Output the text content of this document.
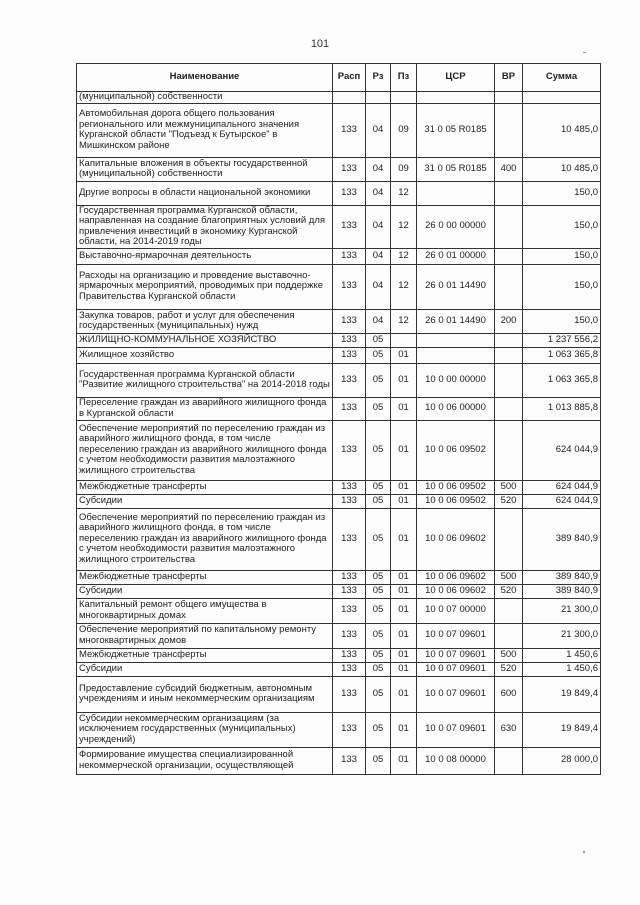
101
Наименование	Расп	Рз	Пз	ЦСР	ВР	Сумма
(муниципальной) собственности						
Автомобильная дорога общего пользования регионального или межмуниципального значения Курганской области "Подъезд к Бутырское" в Мишкинском районе	133	04	09	31 0 05 R0185		10 485,0
Капитальные вложения в объекты государственной (муниципальной) собственности	133	04	09	31 0 05 R0185	400	10 485,0
Другие вопросы в области национальной экономики	133	04	12			150,0
Государственная программа Курганской области, направленная на создание благоприятных условий для привлечения инвестиций в экономику Курганской области, на 2014-2019 годы	133	04	12	26 0 00 00000		150,0
Выставочно-ярмарочная деятельность	133	04	12	26 0 01 00000		150,0
Расходы на организацию и проведение выставочно-ярмарочных мероприятий, проводимых при поддержке Правительства Курганской области	133	04	12	26 0 01 14490		150,0
Закупка товаров, работ и услуг для обеспечения государственных (муниципальных) нужд	133	04	12	26 0 01 14490	200	150,0
ЖИЛИЩНО-КОММУНАЛЬНОЕ ХОЗЯЙСТВО	133	05				1 237 556,2
Жилищное хозяйство	133	05	01			1 063 365,8
Государственная программа Курганской области "Развитие жилищного строительства" на 2014-2018 годы	133	05	01	10 0 00 00000		1 063 365,8
Переселение граждан из аварийного жилищного фонда в Курганской области	133	05	01	10 0 06 00000		1 013 885,8
Обеспечение мероприятий по переселению граждан из аварийного жилищного фонда, в том числе переселению граждан из аварийного жилищного фонда с учетом необходимости развития малоэтажного жилищного строительства	133	05	01	10 0 06 09502		624 044,9
Межбюджетные трансферты	133	05	01	10 0 06 09502	500	624 044,9
Субсидии	133	05	01	10 0 06 09502	520	624 044,9
Обеспечение мероприятий по переселению граждан из аварийного жилищного фонда, в том числе переселению граждан из аварийного жилищного фонда с учетом необходимости развития малоэтажного жилищного строительства	133	05	01	10 0 06 09602		389 840,9
Межбюджетные трансферты	133	05	01	10 0 06 09602	500	389 840,9
Субсидии	133	05	01	10 0 06 09602	520	389 840,9
Капитальный ремонт общего имущества в многоквартирных домах	133	05	01	10 0 07 00000		21 300,0
Обеспечение мероприятий по капитальному ремонту многоквартирных домов	133	05	01	10 0 07 09601		21 300,0
Межбюджетные трансферты	133	05	01	10 0 07 09601	500	1 450,6
Субсидии	133	05	01	10 0 07 09601	520	1 450,6
Предоставление субсидий бюджетным, автономным учреждениям и иным некоммерческим организациям	133	05	01	10 0 07 09601	600	19 849,4
Субсидии некоммерческим организациям (за исключением государственных (муниципальных) учреждений)	133	05	01	10 0 07 09601	630	19 849,4
Формирование имущества специализированной некоммерческой организации, осуществляющей	133	05	01	10 0 08 00000		28 000,0
